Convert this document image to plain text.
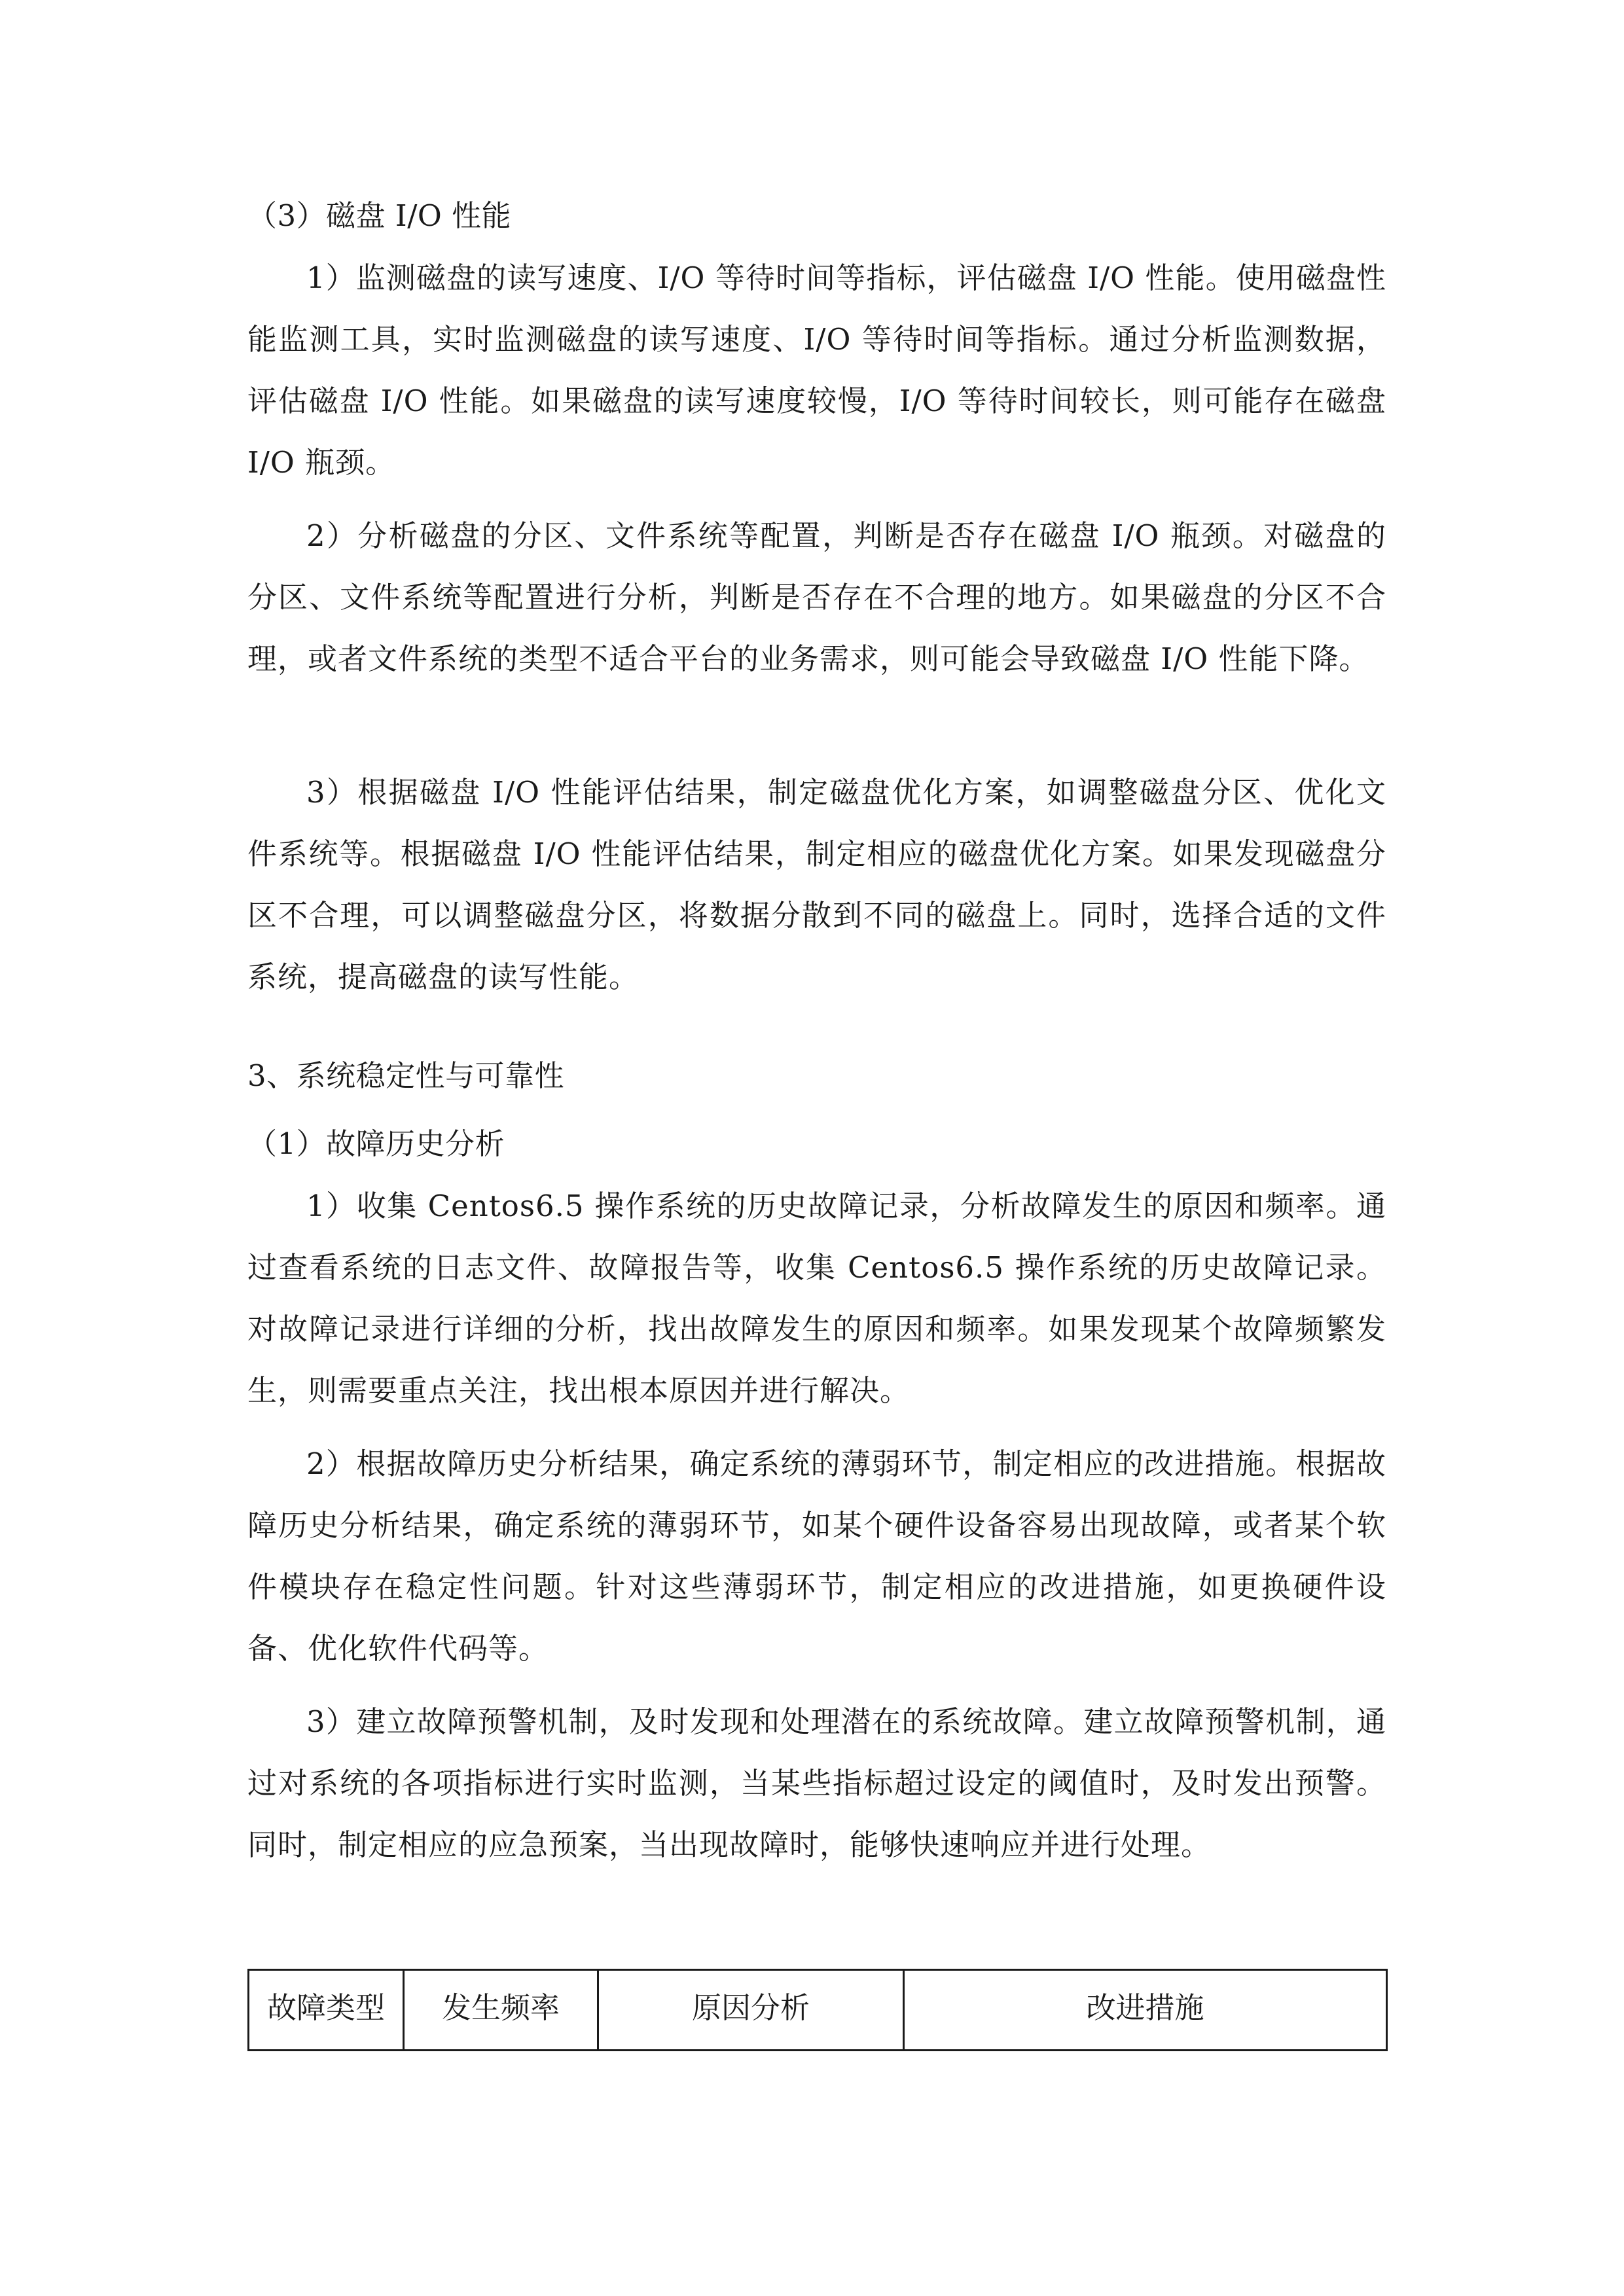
（3）磁盘 I/O 性能

1）监测磁盘的读写速度、I/O 等待时间等指标，评估磁盘 I/O 性能。使用磁盘性能监测工具，实时监测磁盘的读写速度、I/O 等待时间等指标。通过分析监测数据，评估磁盘 I/O 性能。如果磁盘的读写速度较慢，I/O 等待时间较长，则可能存在磁盘 I/O 瓶颈。

2）分析磁盘的分区、文件系统等配置，判断是否存在磁盘 I/O 瓶颈。对磁盘的分区、文件系统等配置进行分析，判断是否存在不合理的地方。如果磁盘的分区不合理，或者文件系统的类型不适合平台的业务需求，则可能会导致磁盘 I/O 性能下降。

3）根据磁盘 I/O 性能评估结果，制定磁盘优化方案，如调整磁盘分区、优化文件系统等。根据磁盘 I/O 性能评估结果，制定相应的磁盘优化方案。如果发现磁盘分区不合理，可以调整磁盘分区，将数据分散到不同的磁盘上。同时，选择合适的文件系统，提高磁盘的读写性能。

3、系统稳定性与可靠性

（1）故障历史分析

1）收集 Centos6.5 操作系统的历史故障记录，分析故障发生的原因和频率。通过查看系统的日志文件、故障报告等，收集 Centos6.5 操作系统的历史故障记录。对故障记录进行详细的分析，找出故障发生的原因和频率。如果发现某个故障频繁发生，则需要重点关注，找出根本原因并进行解决。

2）根据故障历史分析结果，确定系统的薄弱环节，制定相应的改进措施。根据故障历史分析结果，确定系统的薄弱环节，如某个硬件设备容易出现故障，或者某个软件模块存在稳定性问题。针对这些薄弱环节，制定相应的改进措施，如更换硬件设备、优化软件代码等。

3）建立故障预警机制，及时发现和处理潜在的系统故障。建立故障预警机制，通过对系统的各项指标进行实时监测，当某些指标超过设定的阈值时，及时发出预警。同时，制定相应的应急预案，当出现故障时，能够快速响应并进行处理。

故障类型	发生频率	原因分析	改进措施
